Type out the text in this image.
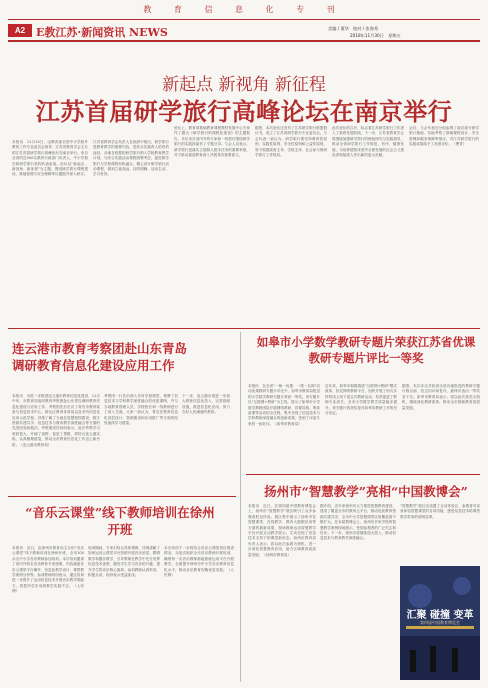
教 育 信 息 化 专 刊
A2 E教江苏·新闻资讯 NEWS	美编 / 董华　校对 / 张海秀
2018年11月30日　星期五
新起点 新视角 新征程
江苏首届研学旅行高峰论坛在南京举行
本报讯　11月10日，由教育部全国中小学校外教育工作专业委员会指导、江苏省教育学会主办的江苏首届研学旅行高峰论坛在南京举行。来自全省的近300名教育行政部门负责人、中小学校长和研学旅行机构代表参加。论坛以“新起点、新视角、新征程”为主题，围绕研学旅行课程建设、基地管理与安全保障等议题展开深入研讨。
江苏省教育学会负责人在致辞中指出，研学旅行是教育教学的重要内容，是综合实践育人的有效途径，各地各校要把研学旅行纳入学校教育教学计划，与综合实践活动课程统筹考虑，促进研学旅行与学校课程有机融合，精心设计研学旅行活动课程，做到立意高远、目的明确、活动生动、学习有效。
论坛上，教育部基础教育课程教材发展中心专家作了题为《研学旅行的课程化建设》的主题报告，多位来自省内外的专家和一线校长围绕研学旅行的实践探索作了专题分享。与会人员表示，研学旅行是落实立德树人根本任务的重要举措，对于推动素质教育深入开展具有重要意义。
据悉，本次论坛还发布了江苏研学旅行联盟倡议书，成立了江苏省研学旅行专业委员会。与会代表一致认为，研学旅行要坚持教育性原则、实践性原则、安全性原则和公益性原则，努力构建政府主导、学校主体、社会参与的研学旅行工作格局。
此次论坛的召开，标志着江苏研学旅行工作进入了新的发展阶段。下一步，江苏省教育学会将继续加强研学旅行的理论研究与实践指导，推动全省研学旅行工作规范、有序、健康发展，为培养德智体美劳全面发展的社会主义建设者和接班人作出新的更大贡献。
会后，与会代表还分组参观了南京部分研学旅行基地，实地考察了基地课程设计、安全管理和服务保障等情况，对江苏研学旅行的实践成果给予了高度评价。（曹青）
连云港市教育考察团赴山东青岛调研教育信息化建设应用工作
本报讯　为进一步推进连云港市教育信息化建设，11月中旬，市教育局组织教育考察团赴山东青岛调研教育信息化建设与应用工作。考察团先后走访了青岛市教育装备与信息技术中心、崂山区教育体育局以及多所信息化应用示范学校，详细了解了当地在智慧校园建设、数字资源共建共享、信息技术与教育教学深度融合等方面的先进经验和做法。考察团成员纷纷表示，此次考察学习收获很大，开阔了视野，拓宽了思路，将结合连云港实际，认真梳理借鉴，推动全市教育信息化工作迈上新台阶。（连云港市教育局）
考察团一行先后深入多所学校课堂，观摩了信息技术与学科教学深度融合的优质课例，并与当地教育管理人员、学校校长和一线教师进行了深入交流。大家一致认为，青岛在教育信息化顶层设计、资源建设和应用推广等方面的经验值得学习借鉴。
下一步，连云港市将进一步加大教育信息化投入，完善基础设施，推进信息化应用，努力办好人民满意的教育。
“音乐云课堂”线下教师培训在徐州开班
本报讯　近日，由徐州市教育局主办的“音乐云课堂”线下教师培训在徐州开班，全市100余名中小学音乐教师参加培训。本次培训邀请了省内外知名音乐教育专家授课，内容涵盖音乐云课堂平台操作、信息化教学设计、课堂教学案例分析等。参训教师纷纷表示，通过培训进一步提升了运用信息技术开展音乐教学的能力，将把所学应用到教学实践中去。（人民网）
培训期间，专家们结合具体课例，详细讲解了如何运用云课堂平台资源开展音乐欣赏、歌唱教学和器乐教学，引导教师在教学中充分发挥信息技术优势，激发学生学习音乐的兴趣，提升学生的音乐核心素养。参训教师认真听讲，积极互动，纷纷表示受益匪浅。
本次培训下一步将结合音乐云课堂项目推进情况，分批次组织全市音乐教师开展培训，确保每一名音乐教师都能熟练运用平台开展教学，全面提升徐州市中小学音乐教育信息化水平，推动音乐教育均衡优质发展。（人民网）
如皋市小学数学教研专题片荣获江苏省优课教研专题片评比一等奖
本报讯　在全省“一师一优课、一课一名师”活动优课教研专题片评比中，如皋市教育局报送的小学数学教研专题片荣获一等奖。该专题片以“互联网+教研”为主线，展示了如皋市小学数学教研团队开展网络教研、同课异构、集体备课等活动的全过程，集中呈现了信息技术与学科教研深度融合的创新成果，受到了评委专家的一致好评。（如皋市教育局）
近年来，如皋市积极推进“互联网+教研”模式改革，依托网络教研平台，组织开展了形式多样的线上线下混合式教研活动，有效促进了教师专业成长，全市小学数学教学质量稳步提升。该专题片的获奖是对如皋市教研工作的充分肯定。
据悉，本次评比共收到全省各地报送的教研专题片数百部，经过初评和复评，最终评选出一等奖若干名。如皋市教育局表示，将以此次获奖为契机，继续深化教研改革，推动全市基础教育高质量发展。
扬州市“智慧教学”亮相“中国教博会”
本报讯　近日，在第四届中国教育博览会上，扬州市“智慧教学”展区吸引了众多参观者驻足体验。展区集中展示了扬州市在智慧课堂、在线教学、教育大数据应用等方面的最新成果，现场教师运用智慧教学平台开展互动教学展示，生动呈现了信息技术支持下的课堂新形态。扬州市教育局负责人表示，将以此次参展为契机，进一步深化智慧教育应用，助力区域教育高质量发展。（扬州市教育局）
据介绍，近年来扬州市大力推进智慧教育建设，建成了覆盖全市的教育云平台，推动优质教育资源共建共享，全市中小学智慧课堂应用覆盖面不断扩大。在本届教博会上，扬州市多所学校的智慧教学案例现场展示，受到参观者的广泛关注和好评。下一步，扬州市将继续加大投入，推动信息技术与教育教学深度融合。
“智慧教学”展区还设置了互动体验区，参观者可亲身体验智慧课堂的各项功能，感受信息技术给课堂教学带来的深刻变革。
汇聚 碰撞 变革
第四届中国教育博览会
